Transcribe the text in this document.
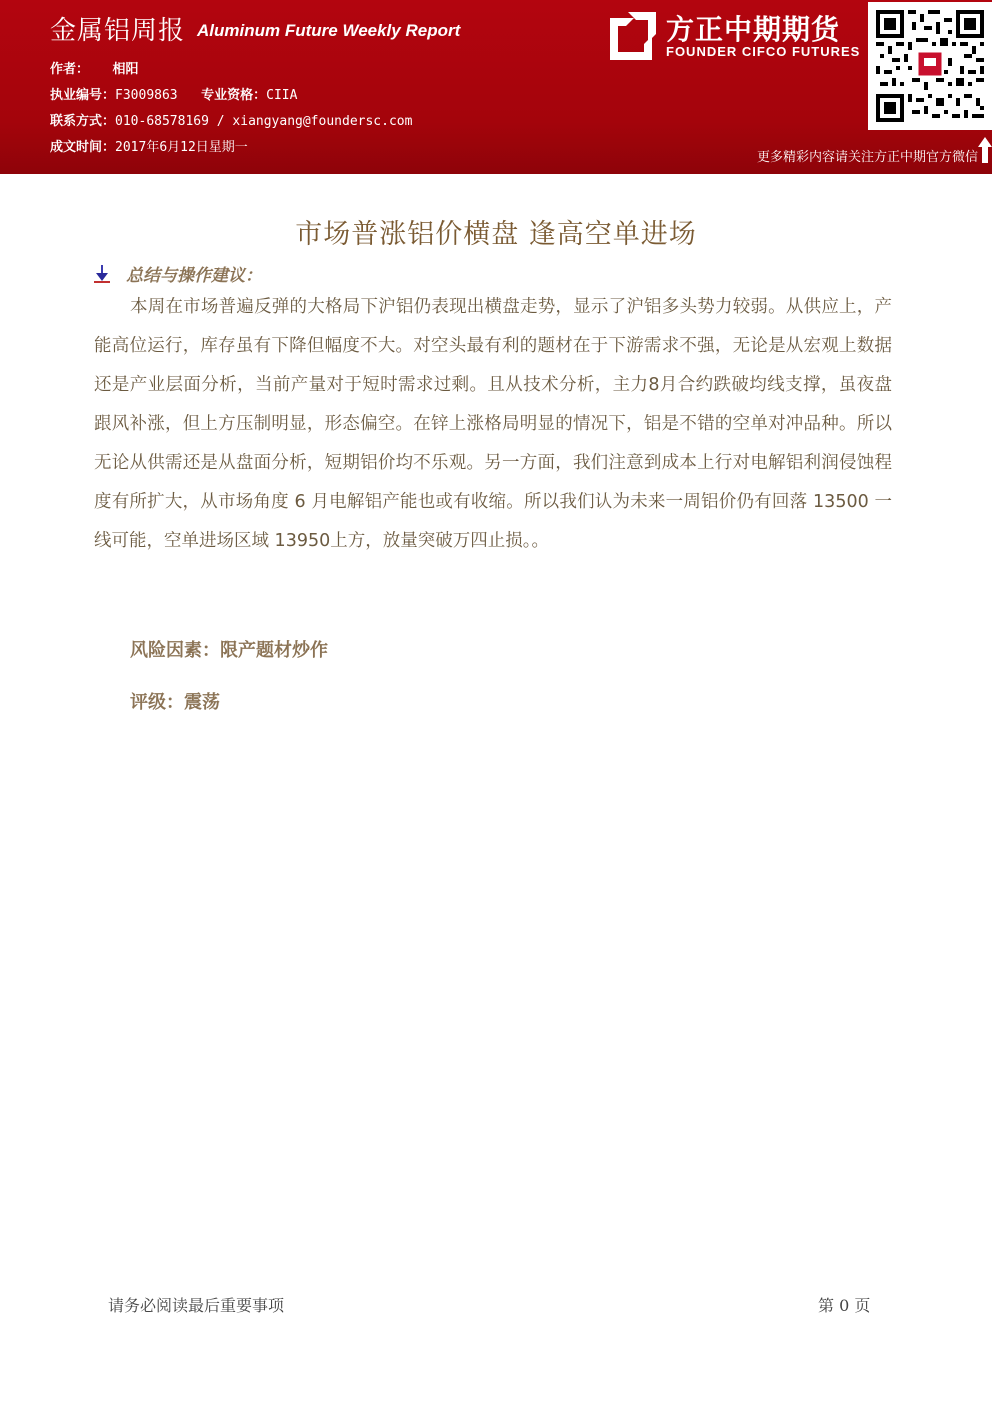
金属铝周报 Aluminum Future Weekly Report
作者： 相阳
执业编号：F3009863 专业资格：CIIA
联系方式：010-68578169 / xiangyang@foundersc.com
成文时间：2017年6月12日星期一
方正中期期货
FOUNDER CIFCO FUTURES
更多精彩内容请关注方正中期官方微信
市场普涨铝价横盘 逢高空单进场
总结与操作建议：

本周在市场普遍反弹的大格局下沪铝仍表现出横盘走势，显示了沪铝多头势力较弱。从供应上，产能高位运行，库存虽有下降但幅度不大。对空头最有利的题材在于下游需求不强，无论是从宏观上数据还是产业层面分析，当前产量对于短时需求过剩。且从技术分析，主力8月合约跌破均线支撑，虽夜盘跟风补涨，但上方压制明显，形态偏空。在锌上涨格局明显的情况下，铝是不错的空单对冲品种。所以无论从供需还是从盘面分析，短期铝价均不乐观。另一方面，我们注意到成本上行对电解铝利润侵蚀程度有所扩大，从市场角度 6 月电解铝产能也或有收缩。所以我们认为未来一周铝价仍有回落 13500 一线可能，空单进场区域 13950上方，放量突破万四止损。。

风险因素：限产题材炒作
评级：震荡
请务必阅读最后重要事项	第 0 页
